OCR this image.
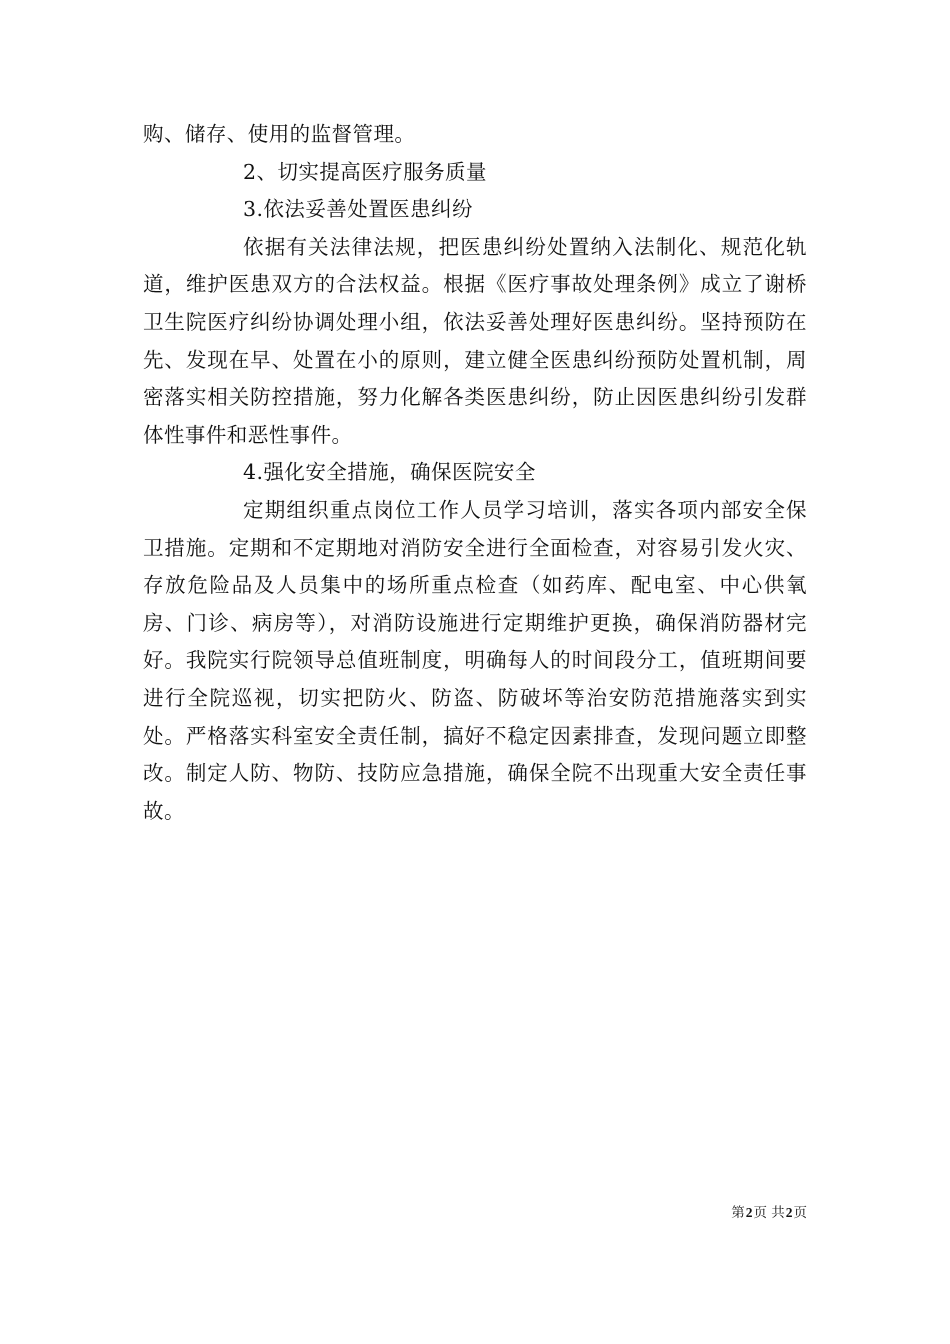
购、储存、使用的监督管理。

2、切实提高医疗服务质量

3.依法妥善处置医患纠纷

依据有关法律法规，把医患纠纷处置纳入法制化、规范化轨道，维护医患双方的合法权益。根据《医疗事故处理条例》成立了谢桥卫生院医疗纠纷协调处理小组，依法妥善处理好医患纠纷。坚持预防在先、发现在早、处置在小的原则，建立健全医患纠纷预防处置机制，周密落实相关防控措施，努力化解各类医患纠纷，防止因医患纠纷引发群体性事件和恶性事件。

4.强化安全措施，确保医院安全

定期组织重点岗位工作人员学习培训，落实各项内部安全保卫措施。定期和不定期地对消防安全进行全面检查，对容易引发火灾、存放危险品及人员集中的场所重点检查（如药库、配电室、中心供氧房、门诊、病房等），对消防设施进行定期维护更换，确保消防器材完好。我院实行院领导总值班制度，明确每人的时间段分工，值班期间要进行全院巡视，切实把防火、防盗、防破坏等治安防范措施落实到实处。严格落实科室安全责任制，搞好不稳定因素排查，发现问题立即整改。制定人防、物防、技防应急措施，确保全院不出现重大安全责任事故。

第2页 共2页
